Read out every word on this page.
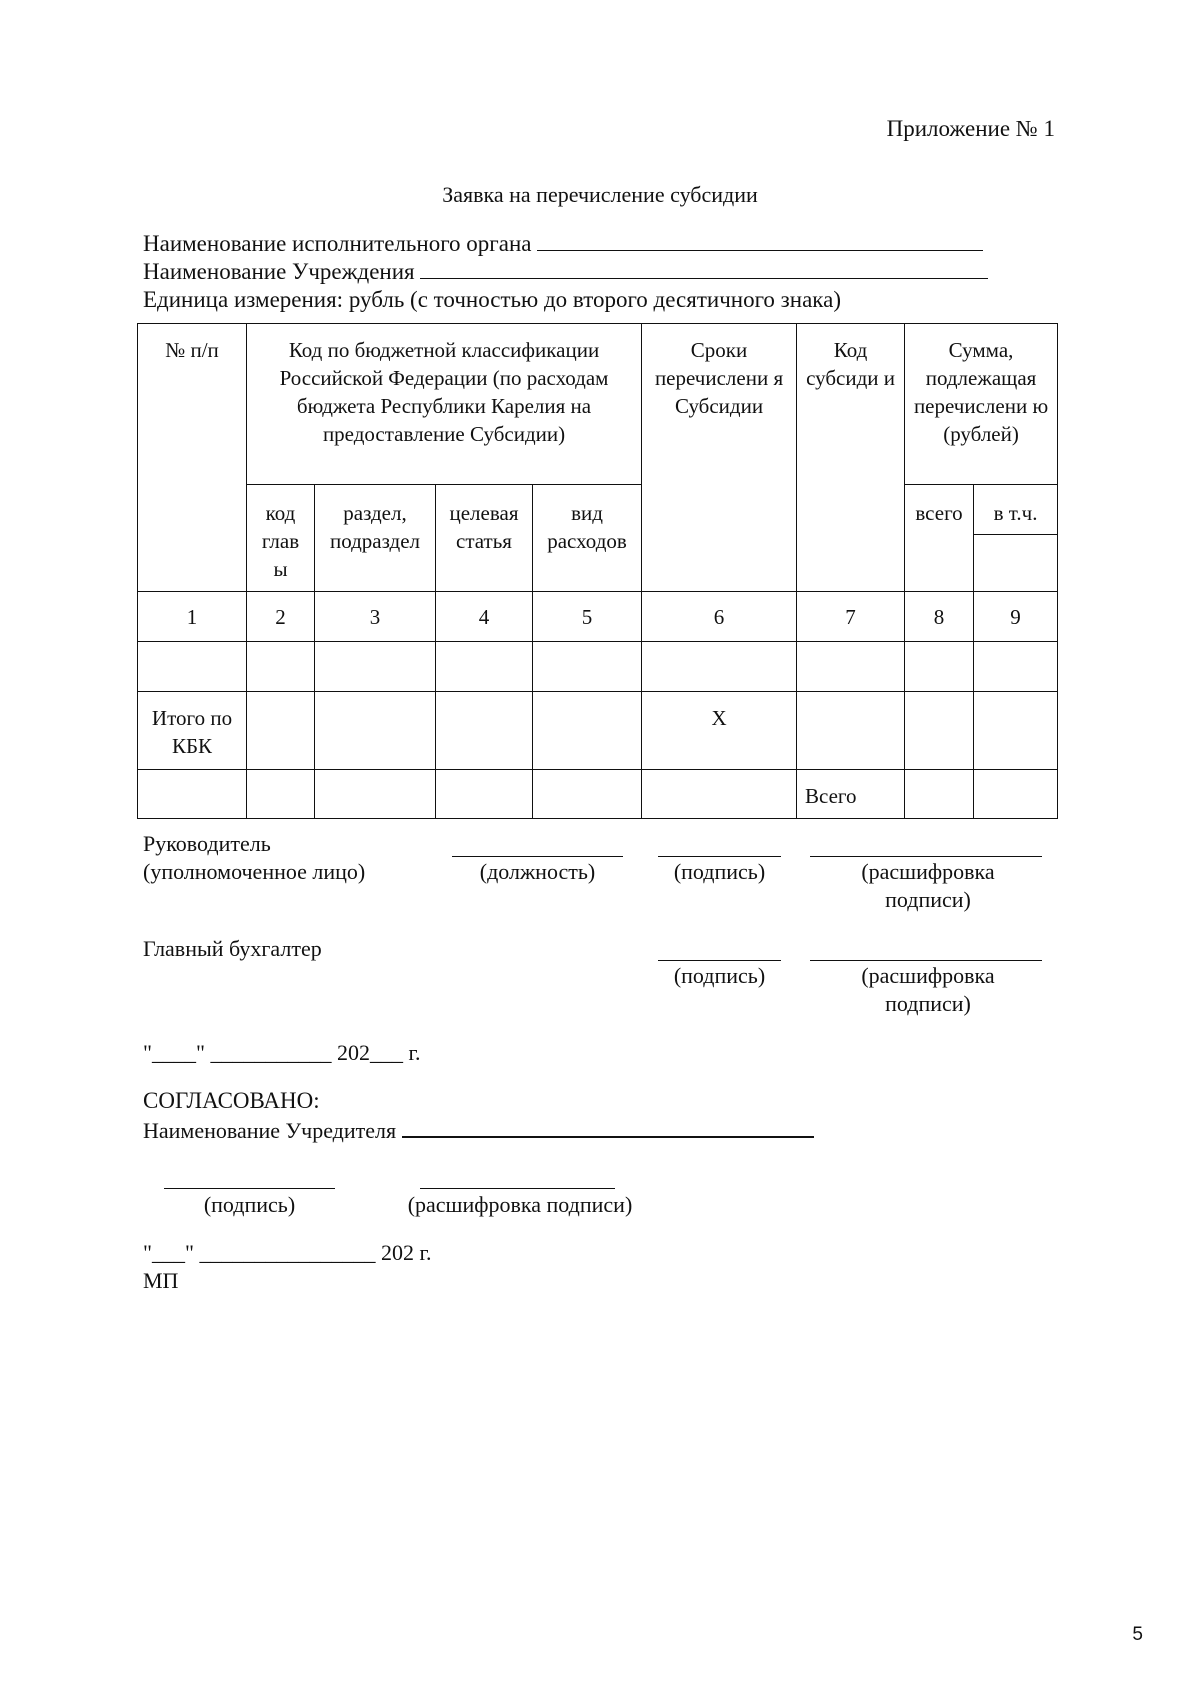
Приложение № 1
Заявка на перечисление субсидии
Наименование исполнительного органа
Наименование Учреждения
Единица измерения: рубль (с точностью до второго десятичного знака)
№ п/п	Код по бюджетной классификации Российской Федерации (по расходам бюджета Республики Карелия на предоставление Субсидии)				Сроки перечислени я Субсидии	Код субсиди и	Сумма, подлежащая перечислени ю (рублей)	

	код глав ы	раздел, подраздел	целевая статья	вид расходов			всего	в т.ч.

1	2	3	4	5	6	7	8	9

Итого по КБК					X			

						Всего		

Руководитель
(уполномоченное лицо)	(должность)	(подпись)	(расшифровка подписи)
Главный бухгалтер
(подпись)	(расшифровка подписи)
"____" ___________ 202___ г.
СОГЛАСОВАНО:
Наименование Учредителя
(подпись)	(расшифровка подписи)
"___" ________________ 202 г.
МП
5
